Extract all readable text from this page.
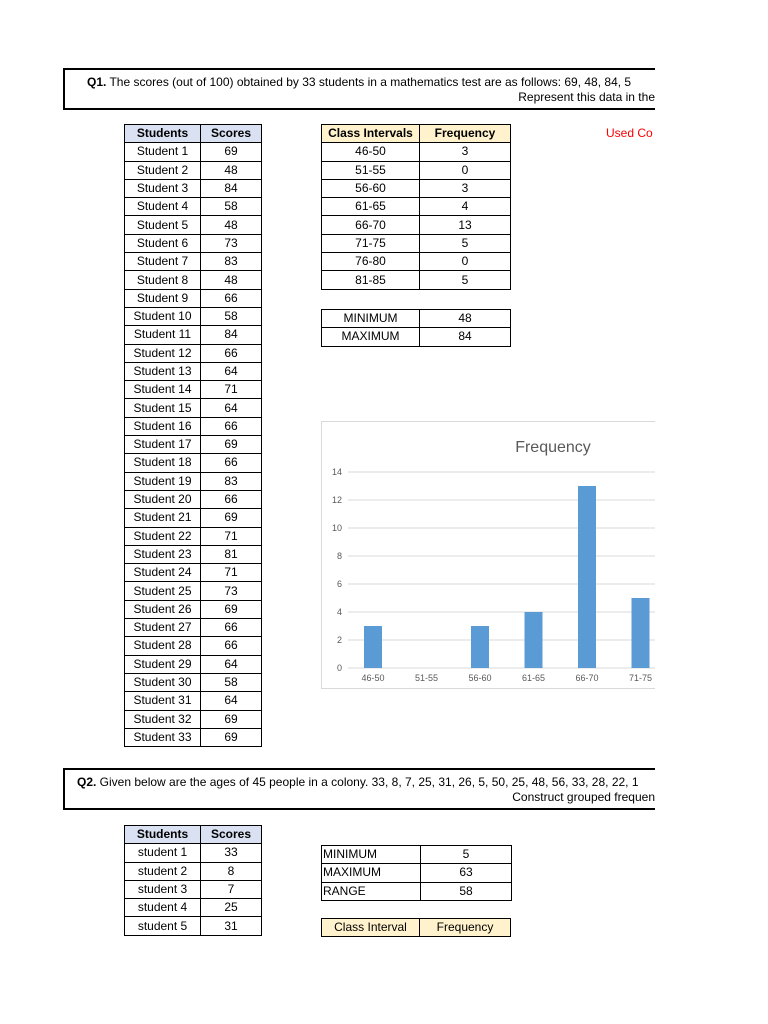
Q1. The scores (out of 100) obtained by 33 students in a mathematics test are as follows: 69, 48, 84, 5
Represent this data in the
Students	Scores
Student 1	69
Student 2	48
Student 3	84
Student 4	58
Student 5	48
Student 6	73
Student 7	83
Student 8	48
Student 9	66
Student 10	58
Student 11	84
Student 12	66
Student 13	64
Student 14	71
Student 15	64
Student 16	66
Student 17	69
Student 18	66
Student 19	83
Student 20	66
Student 21	69
Student 22	71
Student 23	81
Student 24	71
Student 25	73
Student 26	69
Student 27	66
Student 28	66
Student 29	64
Student 30	58
Student 31	64
Student 32	69
Student 33	69
Class Intervals	Frequency
46-50	3
51-55	0
56-60	3
61-65	4
66-70	13
71-75	5
76-80	0
81-85	5
MINIMUM	48
MAXIMUM	84
Used Co
Frequency
0
2
4
6
8
10
12
14
46-50	51-55	56-60	61-65	66-70	71-75
Q2. Given below are the ages of 45 people in a colony. 33, 8, 7, 25, 31, 26, 5, 50, 25, 48, 56, 33, 28, 22, 1
Construct grouped frequen
Students	Scores
student 1	33
student 2	8
student 3	7
student 4	25
student 5	31
MINIMUM	5
MAXIMUM	63
RANGE	58
Class Interval	Frequency
